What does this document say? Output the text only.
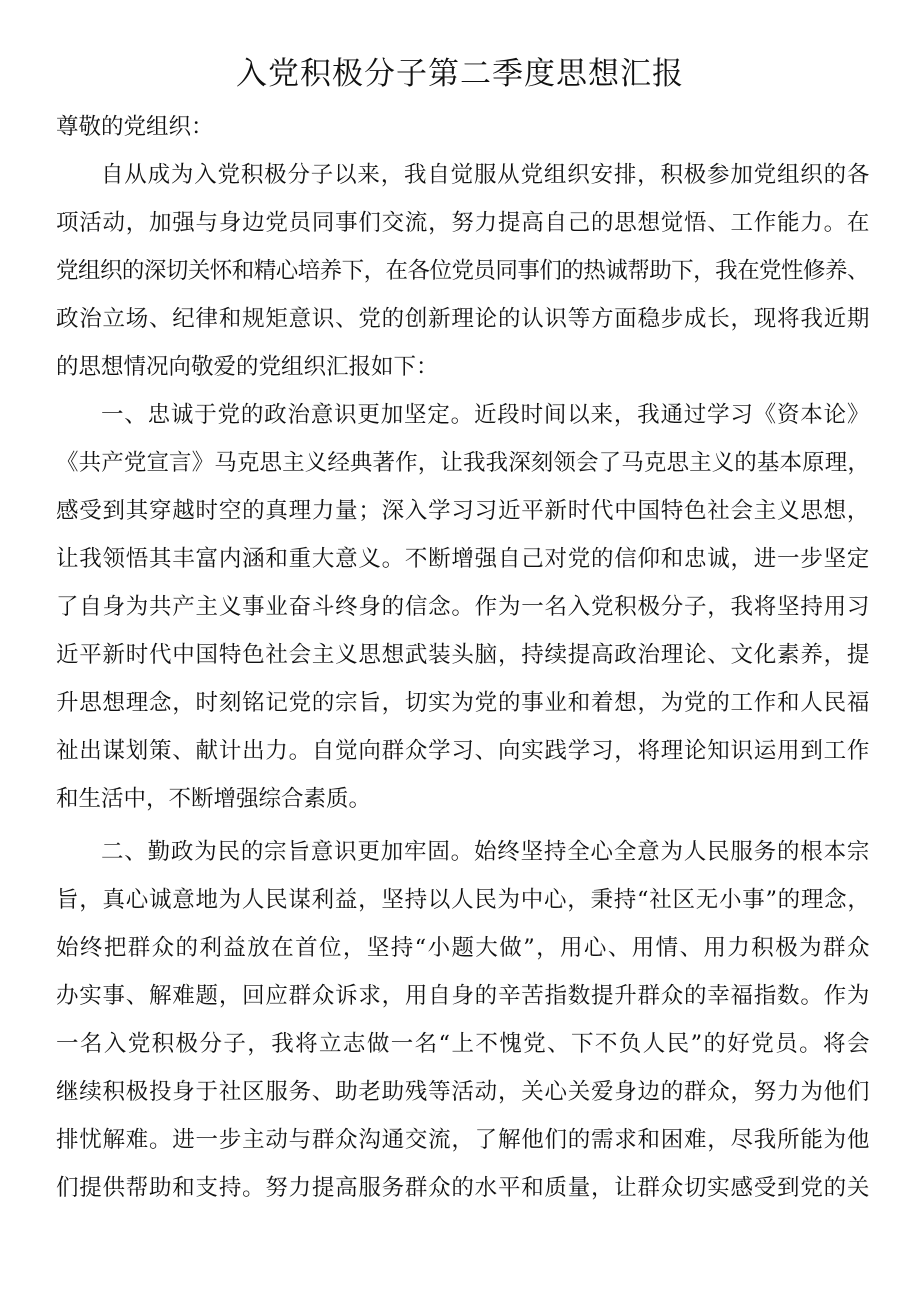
入党积极分子第二季度思想汇报
尊敬的党组织：
自从成为入党积极分子以来，我自觉服从党组织安排，积极参加党组织的各
项活动，加强与身边党员同事们交流，努力提高自己的思想觉悟、工作能力。在
党组织的深切关怀和精心培养下，在各位党员同事们的热诚帮助下，我在党性修养、
政治立场、纪律和规矩意识、党的创新理论的认识等方面稳步成长，现将我近期
的思想情况向敬爱的党组织汇报如下：
一、忠诚于党的政治意识更加坚定。近段时间以来，我通过学习《资本论》
《共产党宣言》马克思主义经典著作，让我我深刻领会了马克思主义的基本原理，
感受到其穿越时空的真理力量；深入学习习近平新时代中国特色社会主义思想，
让我领悟其丰富内涵和重大意义。不断增强自己对党的信仰和忠诚，进一步坚定
了自身为共产主义事业奋斗终身的信念。作为一名入党积极分子，我将坚持用习
近平新时代中国特色社会主义思想武装头脑，持续提高政治理论、文化素养，提
升思想理念，时刻铭记党的宗旨，切实为党的事业和着想，为党的工作和人民福
祉出谋划策、献计出力。自觉向群众学习、向实践学习，将理论知识运用到工作
和生活中，不断增强综合素质。
二、勤政为民的宗旨意识更加牢固。始终坚持全心全意为人民服务的根本宗
旨，真心诚意地为人民谋利益，坚持以人民为中心，秉持“社区无小事”的理念，
始终把群众的利益放在首位，坚持“小题大做”，用心、用情、用力积极为群众
办实事、解难题，回应群众诉求，用自身的辛苦指数提升群众的幸福指数。作为
一名入党积极分子，我将立志做一名“上不愧党、下不负人民”的好党员。将会
继续积极投身于社区服务、助老助残等活动，关心关爱身边的群众，努力为他们
排忧解难。进一步主动与群众沟通交流，了解他们的需求和困难，尽我所能为他
们提供帮助和支持。努力提高服务群众的水平和质量，让群众切实感受到党的关
